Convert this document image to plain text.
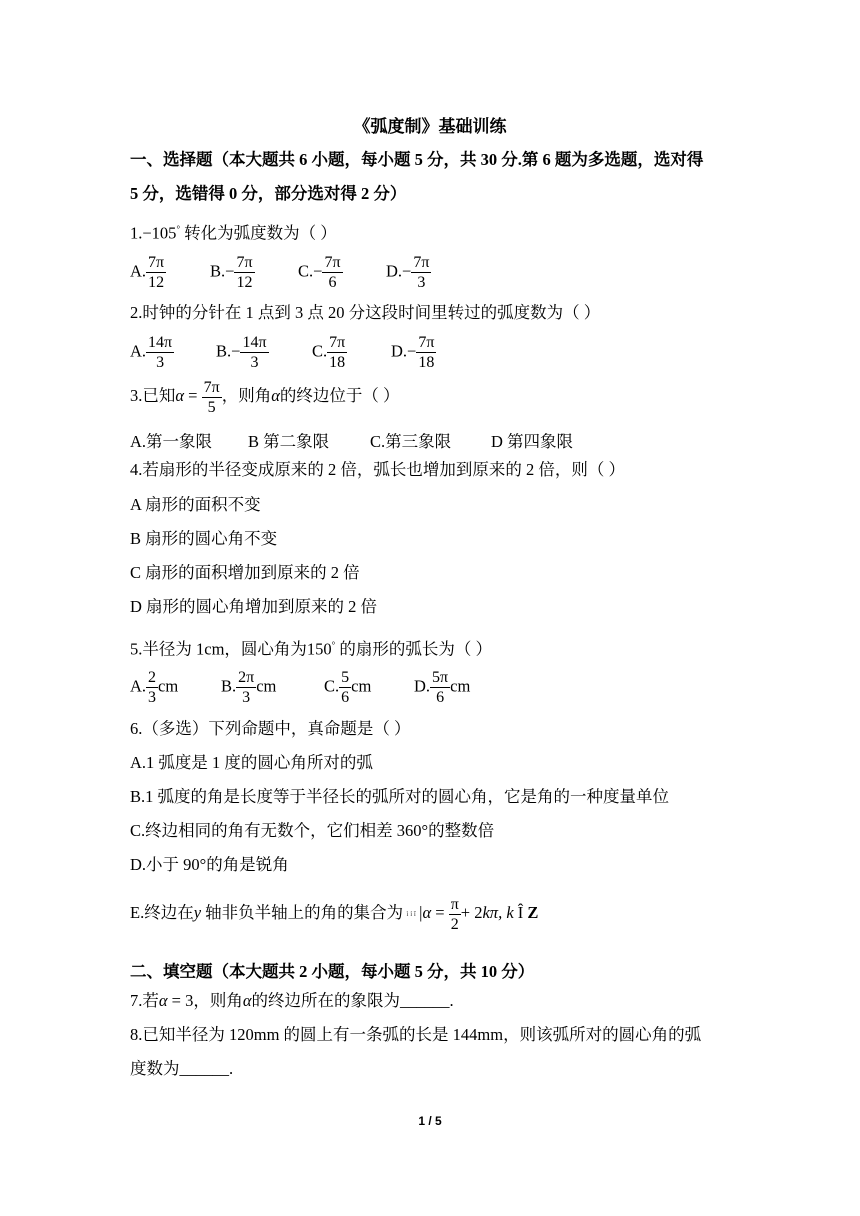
《弧度制》基础训练
一、选择题（本大题共 6 小题，每小题 5 分，共 30 分.第 6 题为多选题，选对得
5 分，选错得 0 分，部分选对得 2 分）
1.−105° 转化为弧度数为（ ）
A. $\frac{7\pi}{12}$	$B.- \frac{7\pi}{12}$	$C.- \frac{7\pi}{6}$	$D.- \frac{7\pi}{3}$
2.时钟的分针在 1 点到 3 点 20 分这段时间里转过的弧度数为（ ）
A. $\frac{14\pi}{3}$	$B.- \frac{14\pi}{3}$	C. $\frac{7\pi}{18}$	$D.- \frac{7\pi}{18}$
3.已知$\alpha = \frac{7\pi}{5}$ ，则角α的终边位于（ ）
A.第一象限 B 第二象限 C.第三象限 D 第四象限
4.若扇形的半径变成原来的 2 倍，弧长也增加到原来的 2 倍，则（ ）
A 扇形的面积不变
B 扇形的圆心角不变
C 扇形的面积增加到原来的 2 倍
D 扇形的圆心角增加到原来的 2 倍
5.半径为 1cm，圆心角为150° 的扇形的弧长为（ ）
A. $\frac{2}{3}$ cm	B. $\frac{2\pi}{3}$ cm	C. $\frac{5}{6}$ cm	D. $\frac{5\pi}{6}$ cm
6.（多选）下列命题中，真命题是（ ）
A.1 弧度是 1 度的圆心角所对的弧
B.1 弧度的角是长度等于半径长的弧所对的圆心角，它是角的一种度量单位
C.终边相同的角有无数个，它们相差 360°的整数倍
D.小于 90°的角是锐角
E.终边在y 轴非负半轴上的角的集合为 ì í î $|\alpha = \frac{\pi}{2} + 2k\pi$, k Î Z
二、填空题（本大题共 2 小题，每小题 5 分，共 10 分）
7.若α = 3，则角α的终边所在的象限为______.
8.已知半径为 120mm 的圆上有一条弧的长是 144mm，则该弧所对的圆心角的弧
度数为______.
1 / 5
